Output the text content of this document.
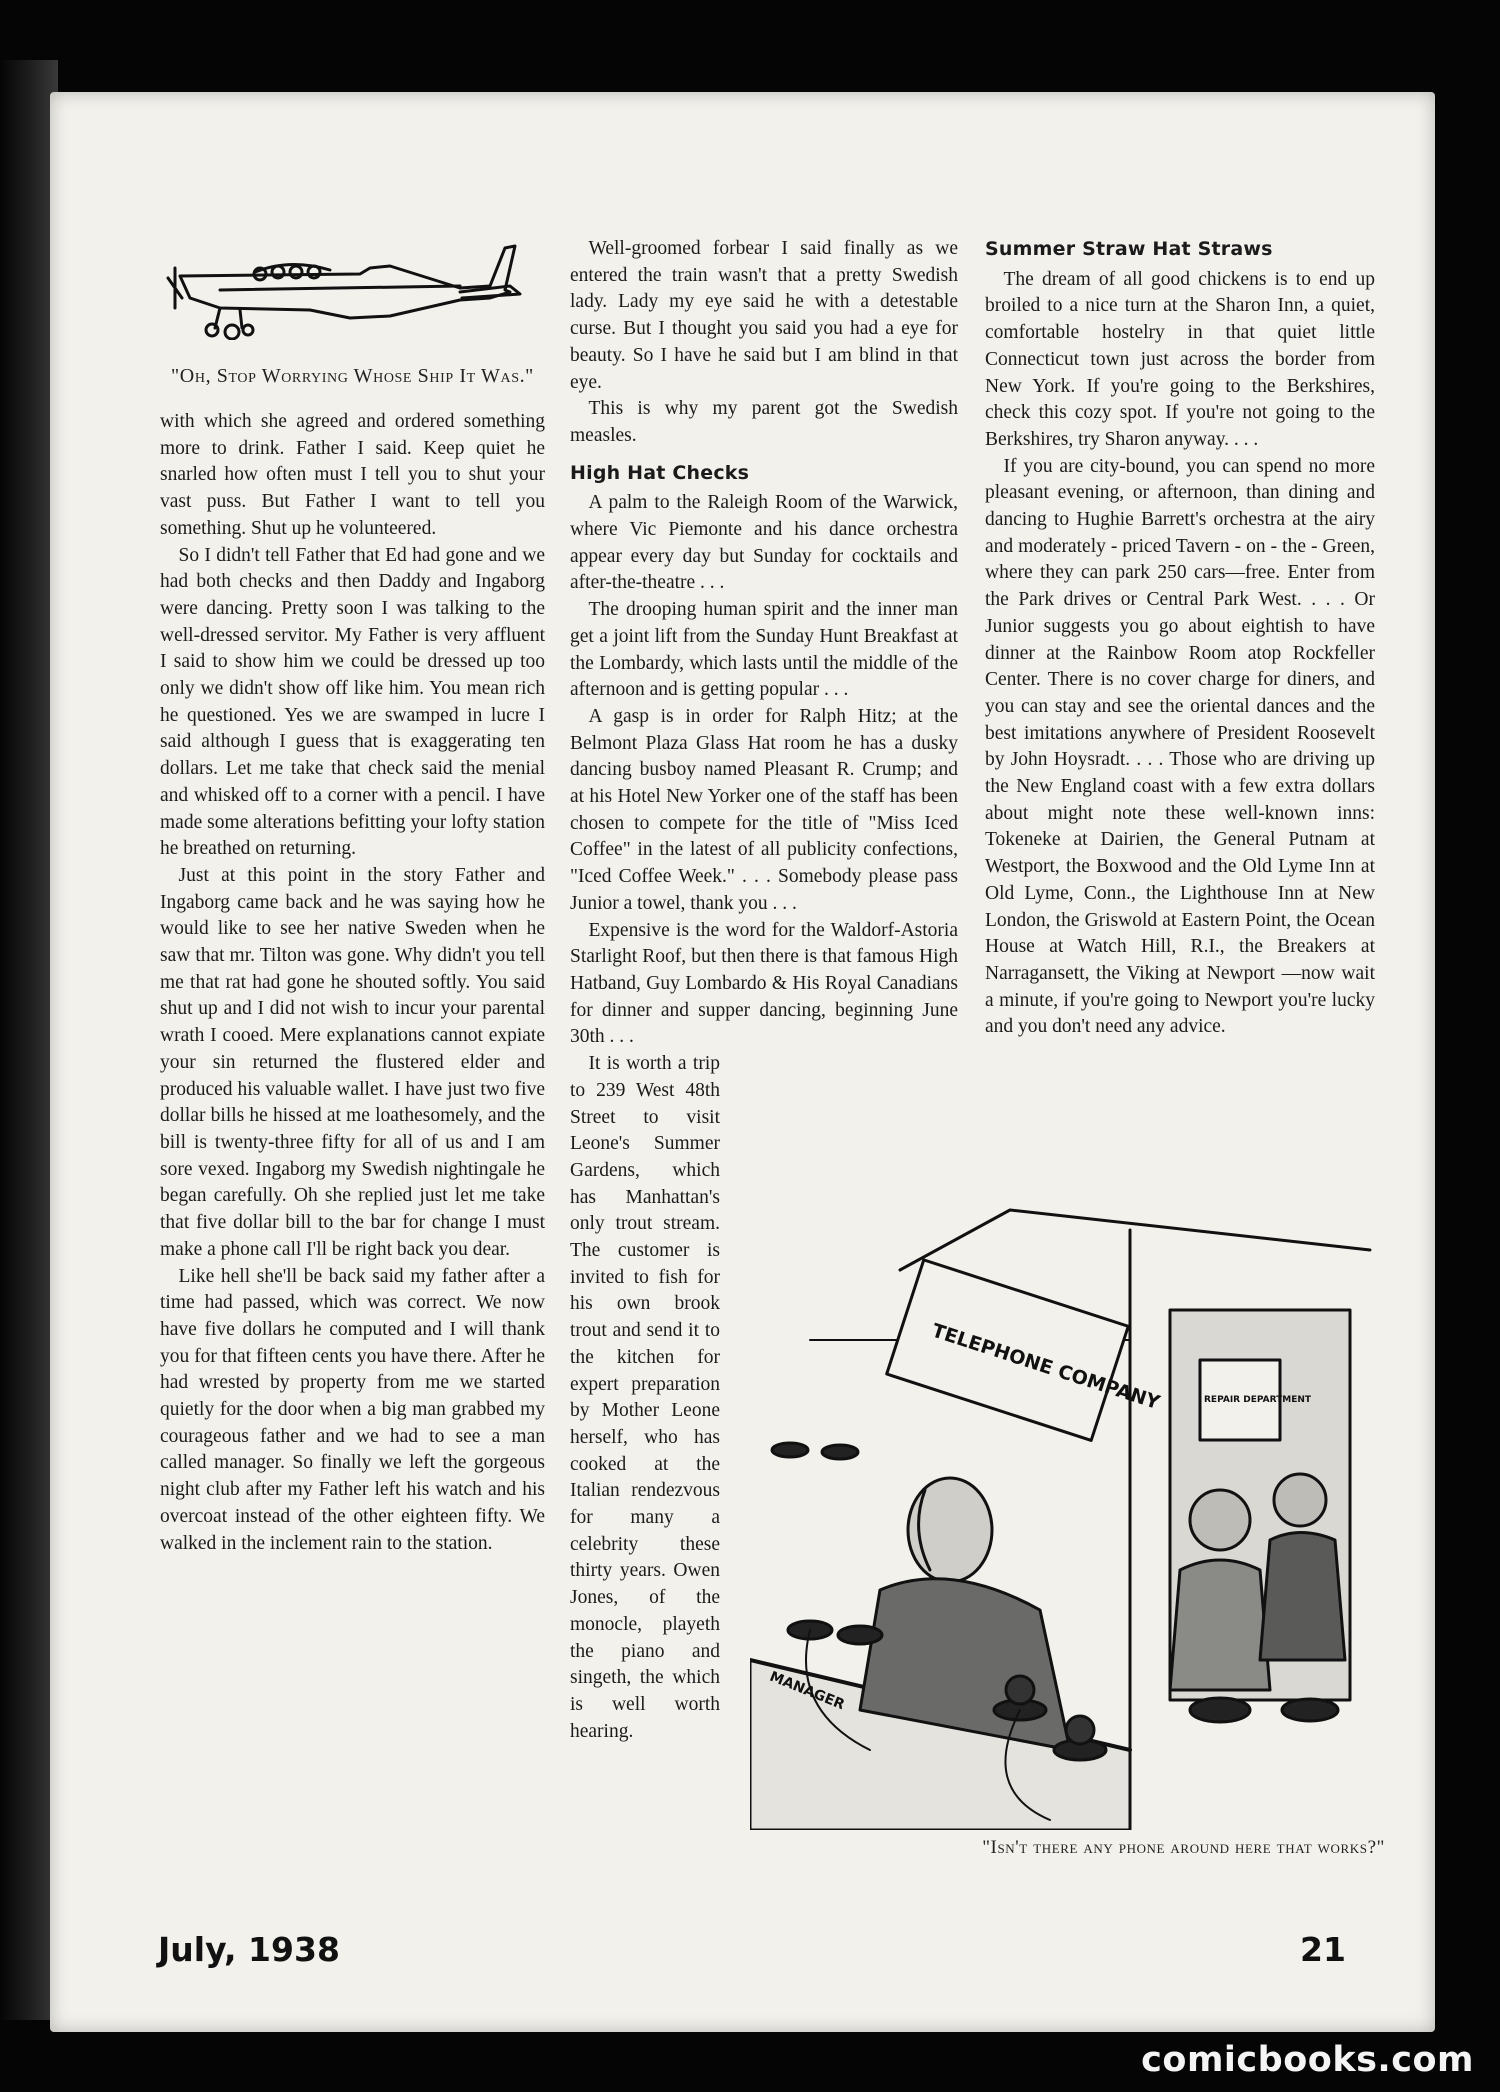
"Oh, Stop Worrying Whose Ship It Was."

with which she agreed and ordered something more to drink. Father I said. Keep quiet he snarled how often must I tell you to shut your vast puss. But Father I want to tell you something. Shut up he volunteered.

So I didn't tell Father that Ed had gone and we had both checks and then Daddy and Ingaborg were dancing. Pretty soon I was talking to the well-dressed servitor. My Father is very affluent I said to show him we could be dressed up too only we didn't show off like him. You mean rich he questioned. Yes we are swamped in lucre I said although I guess that is exaggerating ten dollars. Let me take that check said the menial and whisked off to a corner with a pencil. I have made some alterations befitting your lofty station he breathed on returning.

Just at this point in the story Father and Ingaborg came back and he was saying how he would like to see her native Sweden when he saw that mr. Tilton was gone. Why didn't you tell me that rat had gone he shouted softly. You said shut up and I did not wish to incur your parental wrath I cooed. Mere explanations cannot expiate your sin returned the flustered elder and produced his valuable wallet. I have just two five dollar bills he hissed at me loathesomely, and the bill is twenty-three fifty for all of us and I am sore vexed. Ingaborg my Swedish nightingale he began carefully. Oh she replied just let me take that five dollar bill to the bar for change I must make a phone call I'll be right back you dear.

Like hell she'll be back said my father after a time had passed, which was correct. We now have five dollars he computed and I will thank you for that fifteen cents you have there. After he had wrested by property from me we started quietly for the door when a big man grabbed my courageous father and we had to see a man called manager. So finally we left the gorgeous night club after my Father left his watch and his overcoat instead of the other eighteen fifty. We walked in the inclement rain to the station.

Well-groomed forbear I said finally as we entered the train wasn't that a pretty Swedish lady. Lady my eye said he with a detestable curse. But I thought you said you had a eye for beauty. So I have he said but I am blind in that eye.

This is why my parent got the Swedish measles.

High Hat Checks

A palm to the Raleigh Room of the Warwick, where Vic Piemonte and his dance orchestra appear every day but Sunday for cocktails and after-the-theatre . . .

The drooping human spirit and the inner man get a joint lift from the Sunday Hunt Breakfast at the Lombardy, which lasts until the middle of the afternoon and is getting popular . . .

A gasp is in order for Ralph Hitz; at the Belmont Plaza Glass Hat room he has a dusky dancing busboy named Pleasant R. Crump; and at his Hotel New Yorker one of the staff has been chosen to compete for the title of "Miss Iced Coffee" in the latest of all publicity confections, "Iced Coffee Week." . . . Somebody please pass Junior a towel, thank you . . .

Expensive is the word for the Waldorf-Astoria Starlight Roof, but then there is that famous High Hatband, Guy Lombardo & His Royal Canadians for dinner and supper dancing, beginning June 30th . . .

It is worth a trip to 239 West 48th Street to visit Leone's Summer Gardens, which has Manhattan's only trout stream. The customer is invited to fish for his own brook trout and send it to the kitchen for expert preparation by Mother Leone herself, who has cooked at the Italian rendezvous for many a celebrity these thirty years. Owen Jones, of the monocle, playeth the piano and singeth, the which is well worth hearing.

Summer Straw Hat Straws

The dream of all good chickens is to end up broiled to a nice turn at the Sharon Inn, a quiet, comfortable hostelry in that quiet little Connecticut town just across the border from New York. If you're going to the Berkshires, check this cozy spot. If you're not going to the Berkshires, try Sharon anyway. . . .

If you are city-bound, you can spend no more pleasant evening, or afternoon, than dining and dancing to Hughie Barrett's orchestra at the airy and moderately - priced Tavern - on - the - Green, where they can park 250 cars—free. Enter from the Park drives or Central Park West. . . . Or Junior suggests you go about eightish to have dinner at the Rainbow Room atop Rockfeller Center. There is no cover charge for diners, and you can stay and see the oriental dances and the best imitations anywhere of President Roosevelt by John Hoysradt. . . . Those who are driving up the New England coast with a few extra dollars about might note these well-known inns: Tokeneke at Dairien, the General Putnam at Westport, the Boxwood and the Old Lyme Inn at Old Lyme, Conn., the Lighthouse Inn at New London, the Griswold at Eastern Point, the Ocean House at Watch Hill, R.I., the Breakers at Narragansett, the Viking at Newport —now wait a minute, if you're going to Newport you're lucky and you don't need any advice.

TELEPHONE COMPANY	REPAIR DEPARTMENT
MANAGER
"Isn't there any phone around here that works?"
July, 1938	21
comicbooks.com
